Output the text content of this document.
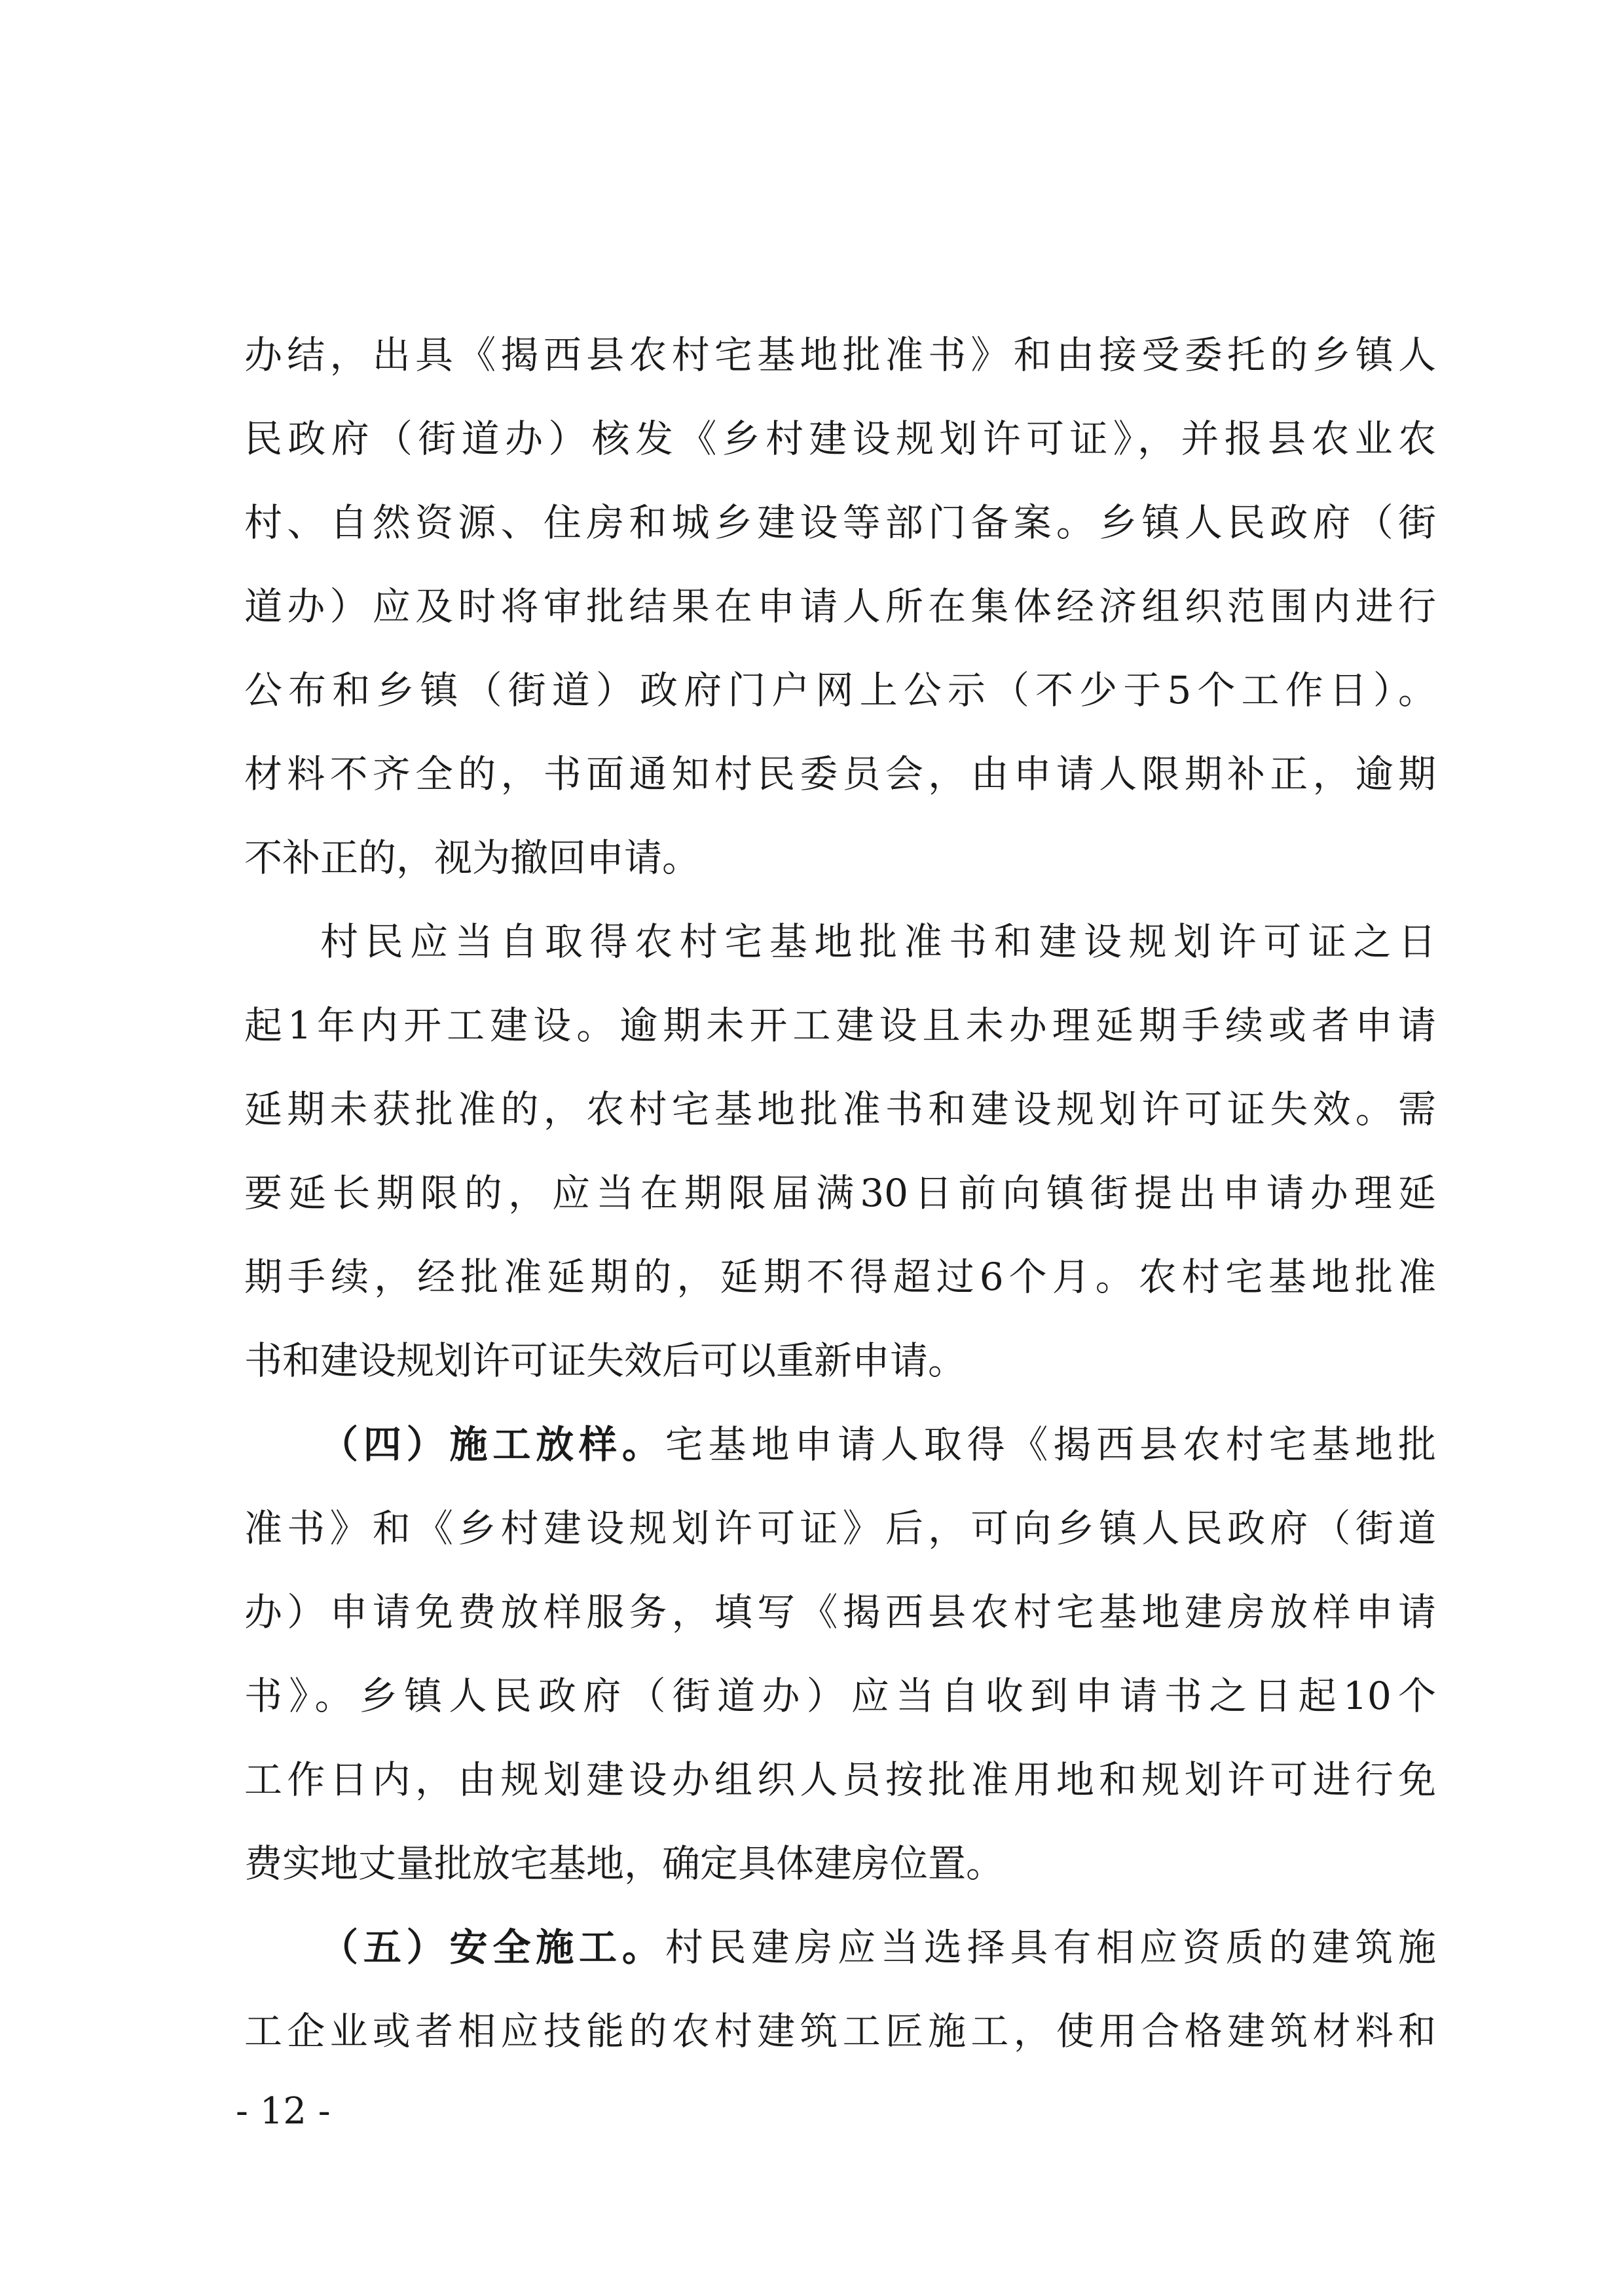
办结，出具《揭西县农村宅基地批准书》和由接受委托的乡镇人
民政府（街道办）核发《乡村建设规划许可证》，并报县农业农
村、自然资源、住房和城乡建设等部门备案。乡镇人民政府（街
道办）应及时将审批结果在申请人所在集体经济组织范围内进行
公布和乡镇（街道）政府门户网上公示（不少于5个工作日）。
材料不齐全的，书面通知村民委员会，由申请人限期补正，逾期
不补正的，视为撤回申请。
村民应当自取得农村宅基地批准书和建设规划许可证之日
起1年内开工建设。逾期未开工建设且未办理延期手续或者申请
延期未获批准的，农村宅基地批准书和建设规划许可证失效。需
要延长期限的，应当在期限届满30日前向镇街提出申请办理延
期手续，经批准延期的，延期不得超过6个月。农村宅基地批准
书和建设规划许可证失效后可以重新申请。
（四）施工放样。宅基地申请人取得《揭西县农村宅基地批
准书》和《乡村建设规划许可证》后，可向乡镇人民政府（街道
办）申请免费放样服务，填写《揭西县农村宅基地建房放样申请
书》。乡镇人民政府（街道办）应当自收到申请书之日起10个
工作日内，由规划建设办组织人员按批准用地和规划许可进行免
费实地丈量批放宅基地，确定具体建房位置。
（五）安全施工。村民建房应当选择具有相应资质的建筑施
工企业或者相应技能的农村建筑工匠施工，使用合格建筑材料和
- 12 -
